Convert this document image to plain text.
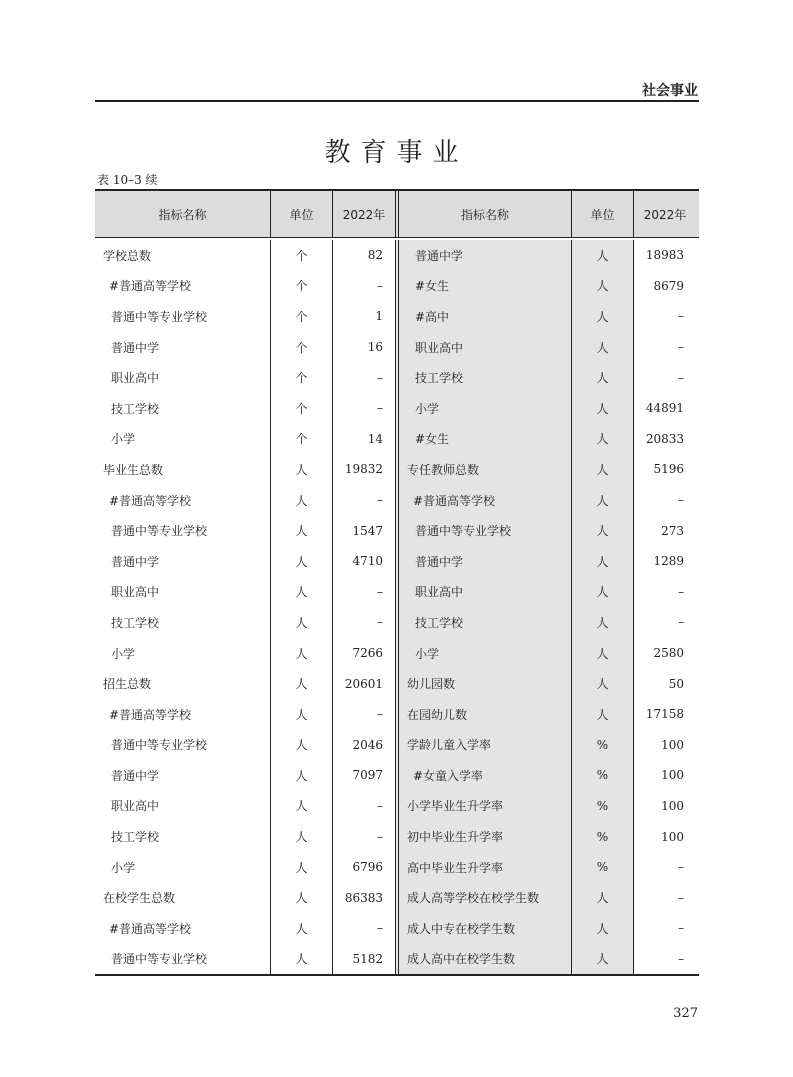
社会事业
教育事业
表 10–3 续
指标名称	单位	2022年	指标名称	单位	2022年
学校总数	个	82	普通中学	人	18983
#普通高等学校	个	–	#女生	人	8679
普通中等专业学校	个	1	#高中	人	–
普通中学	个	16	职业高中	人	–
职业高中	个	–	技工学校	人	–
技工学校	个	–	小学	人	44891
小学	个	14	#女生	人	20833
毕业生总数	人	19832	专任教师总数	人	5196
#普通高等学校	人	–	#普通高等学校	人	–
普通中等专业学校	人	1547	普通中等专业学校	人	273
普通中学	人	4710	普通中学	人	1289
职业高中	人	–	职业高中	人	–
技工学校	人	–	技工学校	人	–
小学	人	7266	小学	人	2580
招生总数	人	20601	幼儿园数	人	50
#普通高等学校	人	–	在园幼儿数	人	17158
普通中等专业学校	人	2046	学龄儿童入学率	%	100
普通中学	人	7097	#女童入学率	%	100
职业高中	人	–	小学毕业生升学率	%	100
技工学校	人	–	初中毕业生升学率	%	100
小学	人	6796	高中毕业生升学率	%	–
在校学生总数	人	86383	成人高等学校在校学生数	人	–
#普通高等学校	人	–	成人中专在校学生数	人	–
普通中等专业学校	人	5182	成人高中在校学生数	人	–
327
